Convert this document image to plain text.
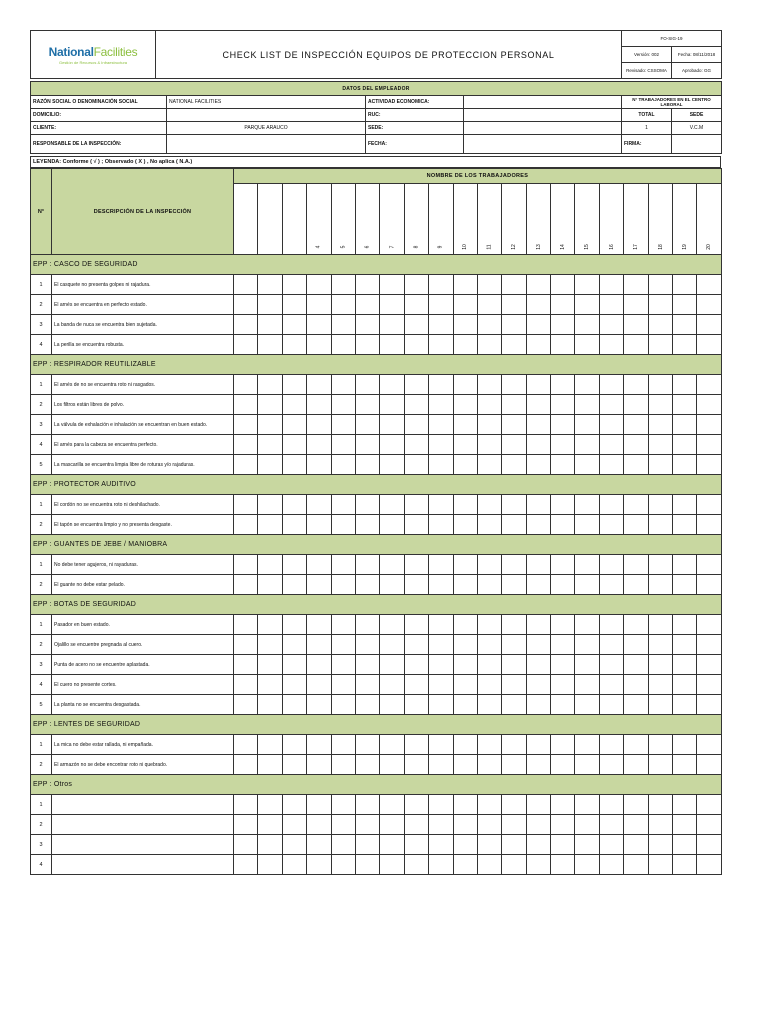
NationalFacilities
Gestión de Recursos & Infraestructura	CHECK LIST DE INSPECCIÓN EQUIPOS DE PROTECCION PERSONAL	FO-SIG-19	
		Versión: 002	Fecha: 08/11/2018
		Revisado: CSSOMA	Aprobado: GG
DATOS DEL EMPLEADOR					
RAZÓN SOCIAL O DENOMINACIÓN SOCIAL	NATIONAL FACILITIES	ACTIVIDAD ECONOMICA:		N° TRABAJADORES EN EL CENTRO LABORAL	
DOMICILIO:		RUC:		TOTAL	SEDE
CLIENTE:	PARQUE ARAUCO	SEDE:		1	V.C.M
RESPONSABLE DE LA INSPECCIÓN:		FECHA:		FIRMA:	
LEYENDA: Conforme ( √ ) ; Observado ( X ) , No aplica ( N.A.)
N°	DESCRIPCIÓN DE LA INSPECCIÓN	NOMBRE DE LOS TRABAJADORES																			
					4	5	6	7	8	9	10	11	12	13	14	15	16	17	18	19	20
EPP : CASCO DE SEGURIDAD																					
1	El casquete no presenta golpes ni rajadura.																				
2	El arnés se encuentra en perfecto estado.																				
3	La banda de nuca se encuentra bien sujetada.																				
4	La perilla se encuentra robusta.																				
EPP : RESPIRADOR REUTILIZABLE																					
1	El arnés de no se encuentra roto ni rasgados.																				
2	Los filtros están libres de polvo.																				
3	La válvula de exhalación e inhalación se encuentran en buen estado.																				
4	El arnés para la cabeza se encuentra perfecto.																				
5	La mascarilla se encuentra limpia libre de roturas y/o rajaduras.																				
EPP : PROTECTOR AUDITIVO																					
1	El cordón no se encuentra roto ni deshilachado.																				
2	El tapón se encuentra limpio y no presenta desgaste.																				
EPP : GUANTES DE JEBE / MANIOBRA																					
1	No debe tener agujeros, ni rayaduras.																				
2	El guante no debe estar pelado.																				
EPP : BOTAS DE SEGURIDAD																					
1	Pasador en buen estado.																				
2	Ojalillo se encuentre pregnada al cuero.																				
3	Punta de acero no se encuentre aplastada.																				
4	El cuero no presente cortes.																				
5	La planta no se encuentra desgastada.																				
EPP : LENTES DE SEGURIDAD																					
1	La mica no debe estar rallada, ni empañada.																				
2	El armazón no se debe encontrar roto ni quebrado.																				
EPP : Otros																					
1																					
2																					
3																					
4																					
